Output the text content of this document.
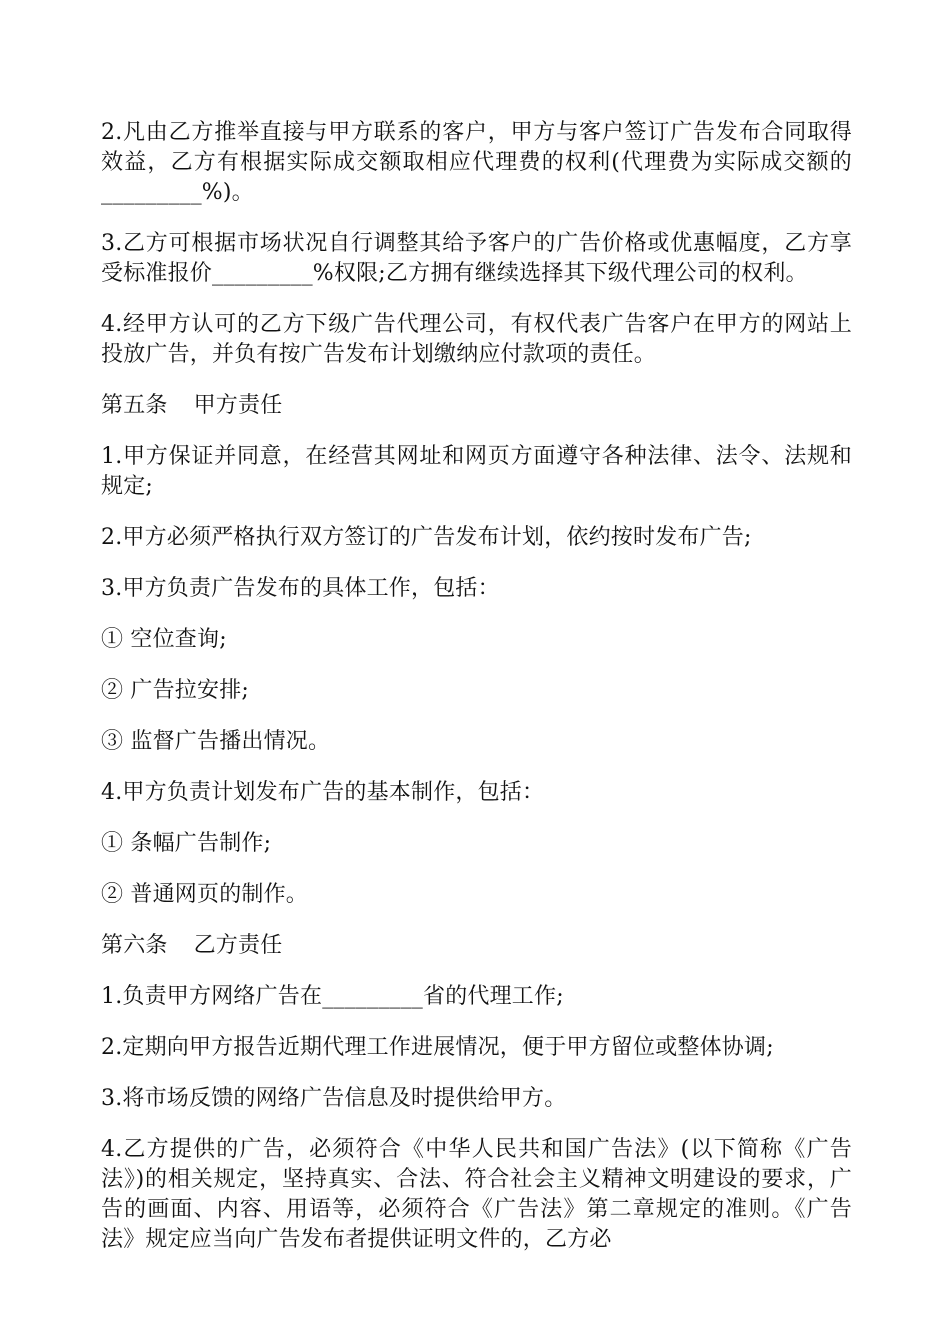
2.凡由乙方推举直接与甲方联系的客户，甲方与客户签订广告发布合同取得效益，乙方有根据实际成交额取相应代理费的权利(代理费为实际成交额的_________%)。

3.乙方可根据市场状况自行调整其给予客户的广告价格或优惠幅度，乙方享受标准报价_________%权限;乙方拥有继续选择其下级代理公司的权利。

4.经甲方认可的乙方下级广告代理公司，有权代表广告客户在甲方的网站上投放广告，并负有按广告发布计划缴纳应付款项的责任。

第五条 甲方责任

1.甲方保证并同意，在经营其网址和网页方面遵守各种法律、法令、法规和规定;

2.甲方必须严格执行双方签订的广告发布计划，依约按时发布广告;

3.甲方负责广告发布的具体工作，包括：

① 空位查询;

② 广告拉安排;

③ 监督广告播出情况。

4.甲方负责计划发布广告的基本制作，包括：

① 条幅广告制作;

② 普通网页的制作。

第六条 乙方责任

1.负责甲方网络广告在_________省的代理工作;

2.定期向甲方报告近期代理工作进展情况，便于甲方留位或整体协调;

3.将市场反馈的网络广告信息及时提供给甲方。

4.乙方提供的广告，必须符合《中华人民共和国广告法》(以下简称《广告法》)的相关规定，坚持真实、合法、符合社会主义精神文明建设的要求，广告的画面、内容、用语等，必须符合《广告法》第二章规定的准则。《广告法》规定应当向广告发布者提供证明文件的，乙方必
